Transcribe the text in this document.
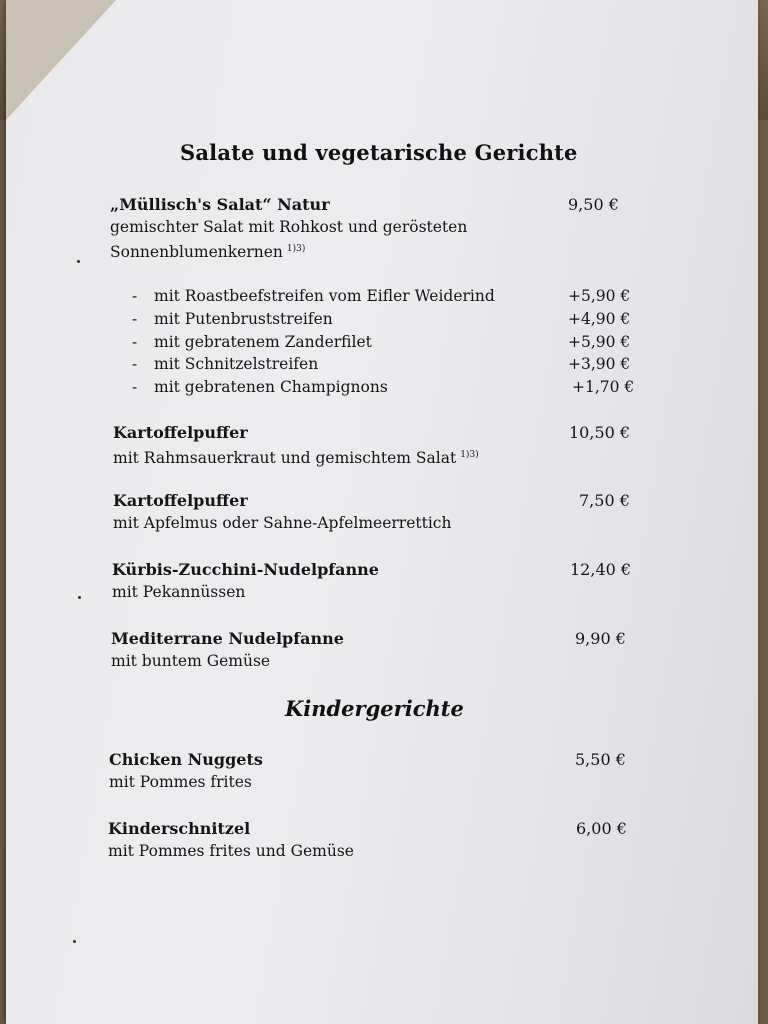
Salate und vegetarische Gerichte
„Müllisch's Salat“ Natur
gemischter Salat mit Rohkost und gerösteten
Sonnenblumenkernen $^{1)3)}$
9,50 €
- mit Roastbeefstreifen vom Eifler Weiderind	+5,90 €
- mit Putenbruststreifen	+4,90 €
- mit gebratenem Zanderfilet	+5,90 €
- mit Schnitzelstreifen	+3,90 €
- mit gebratenen Champignons	+1,70 €
Kartoffelpuffer
mit Rahmsauerkraut und gemischtem Salat $^{1)3)}$
10,50 €
Kartoffelpuffer
mit Apfelmus oder Sahne-Apfelmeerrettich
7,50 €
Kürbis-Zucchini-Nudelpfanne
mit Pekannüssen
12,40 €
Mediterrane Nudelpfanne
mit buntem Gemüse
9,90 €
Kindergerichte
Chicken Nuggets
mit Pommes frites
5,50 €
Kinderschnitzel
mit Pommes frites und Gemüse
6,00 €
